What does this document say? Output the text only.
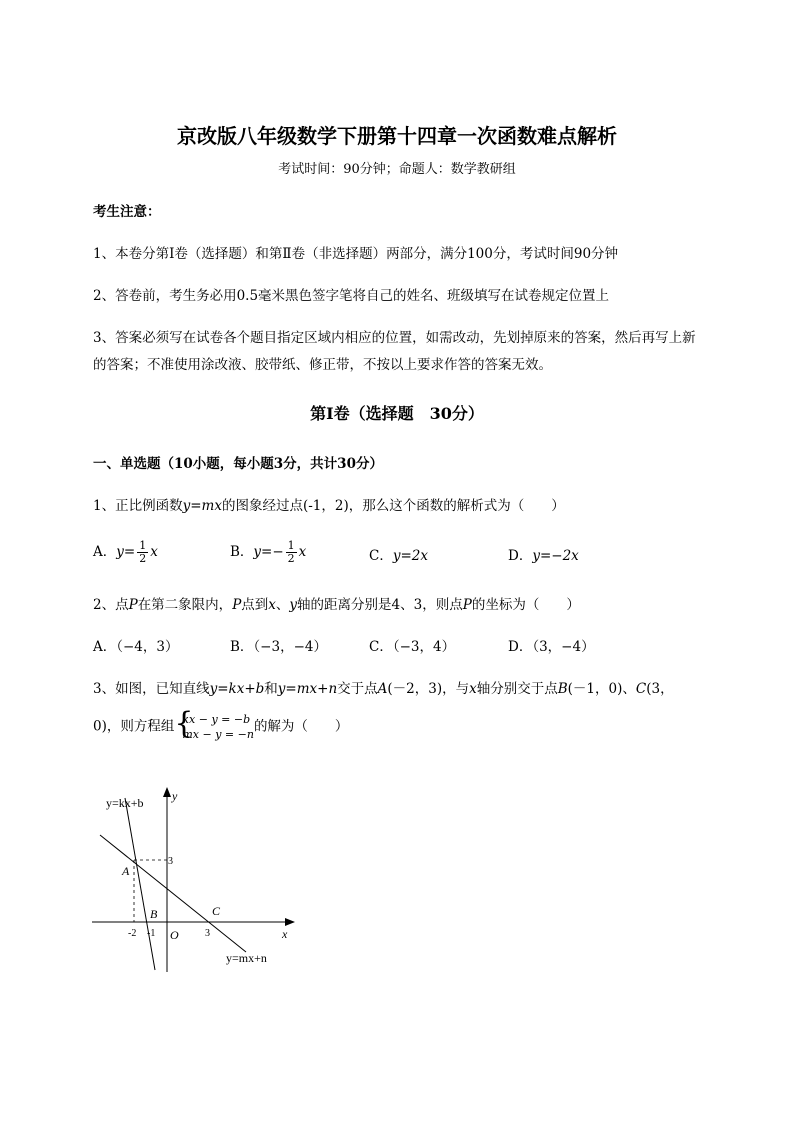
京改版八年级数学下册第十四章一次函数难点解析
考试时间：90分钟；命题人：数学教研组
考生注意：
1、本卷分第I卷（选择题）和第Ⅱ卷（非选择题）两部分，满分100分，考试时间90分钟
2、答卷前，考生务必用0.5毫米黑色签字笔将自己的姓名、班级填写在试卷规定位置上
3、答案必须写在试卷各个题目指定区域内相应的位置，如需改动，先划掉原来的答案，然后再写上新
的答案；不准使用涂改液、胶带纸、修正带，不按以上要求作答的答案无效。
第I卷（选择题　30分）
一、单选题（10小题，每小题3分，共计30分）
1、正比例函数y=mx的图象经过点(-1，2)，那么这个函数的解析式为（　　）
A．$y= \frac{1}{2}$ x	B．$y=- \frac{1}{2}$ x	C．y=2x	D．y=−2x
2、点P在第二象限内，P点到x、y轴的距离分别是4、3，则点P的坐标为（　　）
A．（−4，3）	B．（−3，−4）	C．（−3，4）	D．（3，−4）
3、如图，已知直线y=kx+b和y=mx+n交于点A(－2，3)，与x轴分别交于点B(－1，0)、C(3，
0)，则方程组 {
kx − y = −b
mx − y = −n 的解为（　　）
y=kx+b
y=mx+n
x
y
O
A
B	C
-2 -1	3
3
